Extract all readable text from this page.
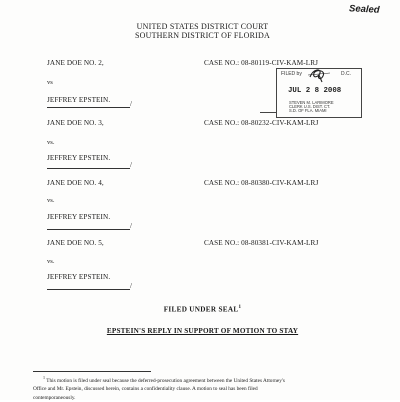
Sealed
UNITED STATES DISTRICT COURT
SOUTHERN DISTRICT OF FLORIDA
JANE DOE NO. 2,	CASE NO.: 08-80119-CIV-KAM-LRJ
vs
JEFFREY EPSTEIN.	/
JANE DOE NO. 3,	CASE NO.: 08-80232-CIV-KAM-LRJ
vs.
JEFFREY EPSTEIN.
/
JANE DOE NO. 4,	CASE NO.: 08-80380-CIV-KAM-LRJ
vs.
JEFFREY EPSTEIN.
/
JANE DOE NO. 5,	CASE NO.: 08-80381-CIV-KAM-LRJ
vs.
JEFFREY EPSTEIN.
/
FILED by	D.C.
JUL 2 8 2008
STEVEN M. LARIMORE
CLERK U.S. DIST. CT.
S.D. OF FLA. MIAMI
FILED UNDER SEAL$^1$
EPSTEIN'S REPLY IN SUPPORT OF MOTION TO STAY
$^1$ This motion is filed under seal because the deferred-prosecution agreement between the United States Attorney's
Office and Mr. Epstein, discussed herein, contains a confidentiality clause. A motion to seal has been filed
contemporaneously.
